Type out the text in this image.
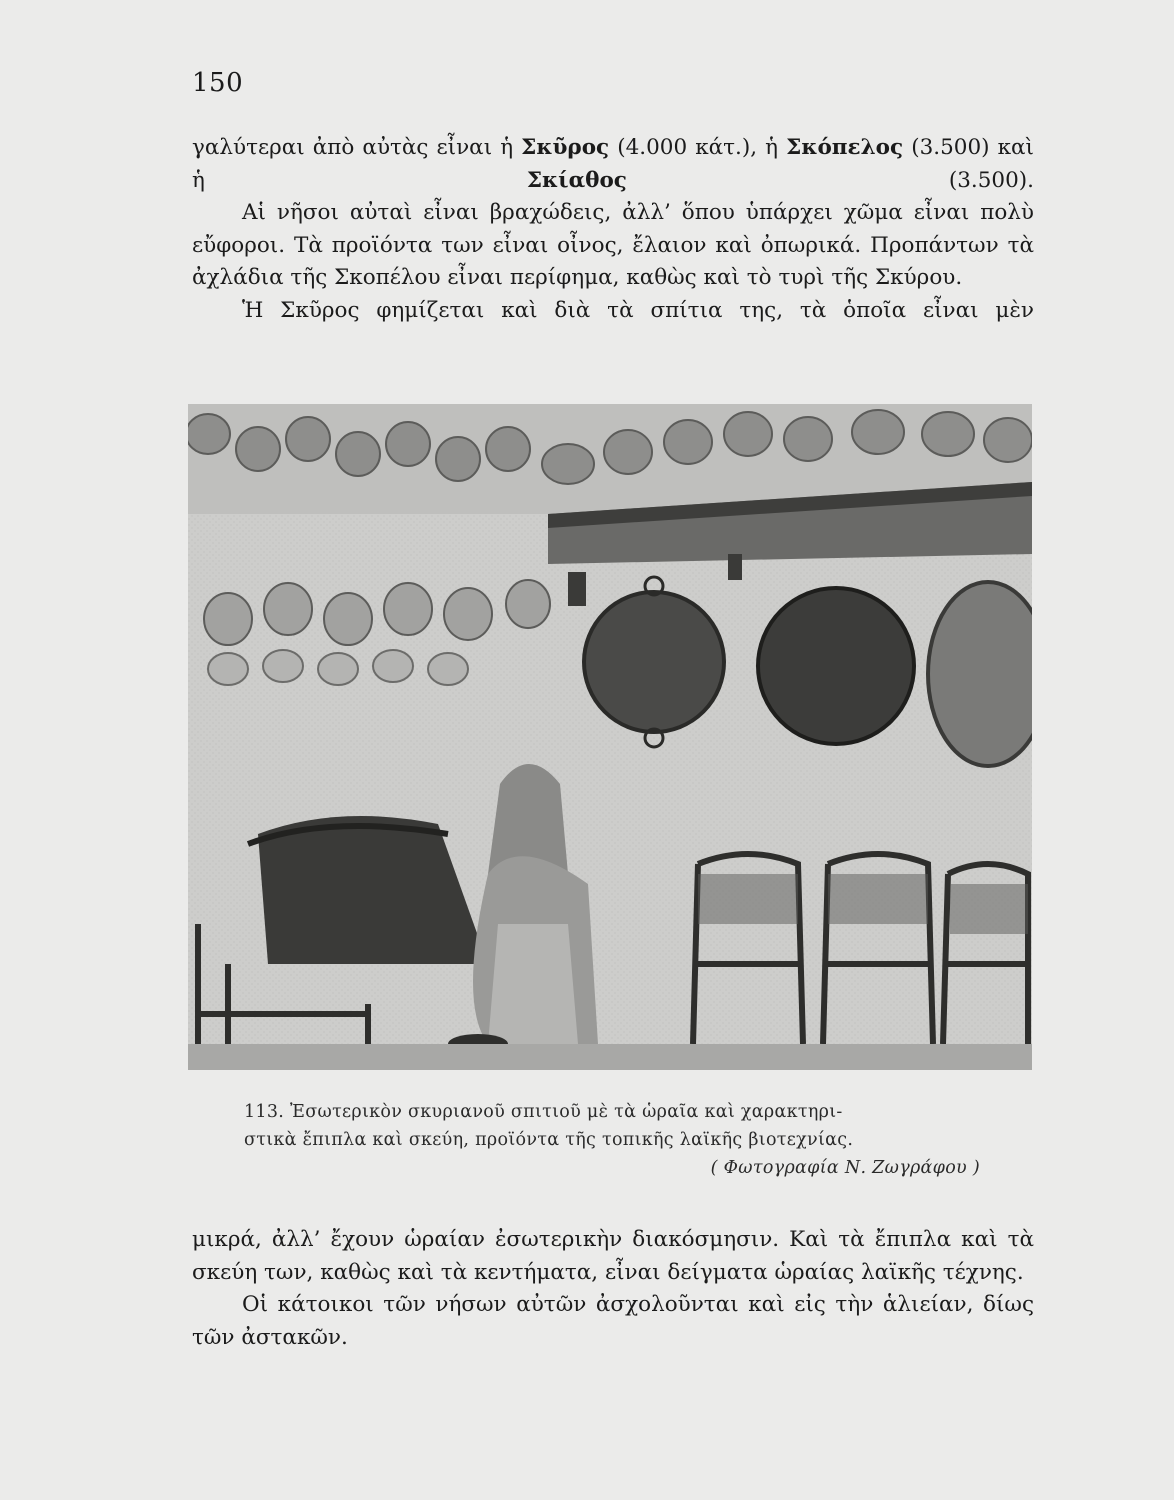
150

γαλύτεραι ἀπὸ αὐτὰς εἶναι ἡ Σκῦρος (4.000 κάτ.), ἡ Σκόπελος (3.500) καὶ ἡ Σκίαθος (3.500).

Αἱ νῆσοι αὐταὶ εἶναι βραχώδεις, ἀλλ’ ὅπου ὑπάρχει χῶμα εἶναι πολὺ εὔφοροι. Τὰ προϊόντα των εἶναι οἶνος, ἔλαιον καὶ ὀπωρικά. Προπάντων τὰ ἀχλάδια τῆς Σκοπέλου εἶναι περίφημα, καθὼς καὶ τὸ τυρὶ τῆς Σκύρου.

Ἡ Σκῦρος φημίζεται καὶ διὰ τὰ σπίτια της, τὰ ὁποῖα εἶναι μὲν

113. Ἐσωτερικὸν σκυριανοῦ σπιτιοῦ μὲ τὰ ὡραῖα καὶ χαρακτηρι-

στικὰ ἔπιπλα καὶ σκεύη, προϊόντα τῆς τοπικῆς λαϊκῆς βιοτεχνίας.

( Φωτογραφία Ν. Ζωγράφου )

μικρά, ἀλλ’ ἔχουν ὡραίαν ἐσωτερικὴν διακόσμησιν. Καὶ τὰ ἔπιπλα καὶ τὰ σκεύη των, καθὼς καὶ τὰ κεντήματα, εἶναι δείγματα ὡραίας λαϊκῆς τέχνης.

Οἱ κάτοικοι τῶν νήσων αὐτῶν ἀσχολοῦνται καὶ εἰς τὴν ἁλιείαν, δίως τῶν ἀστακῶν.
